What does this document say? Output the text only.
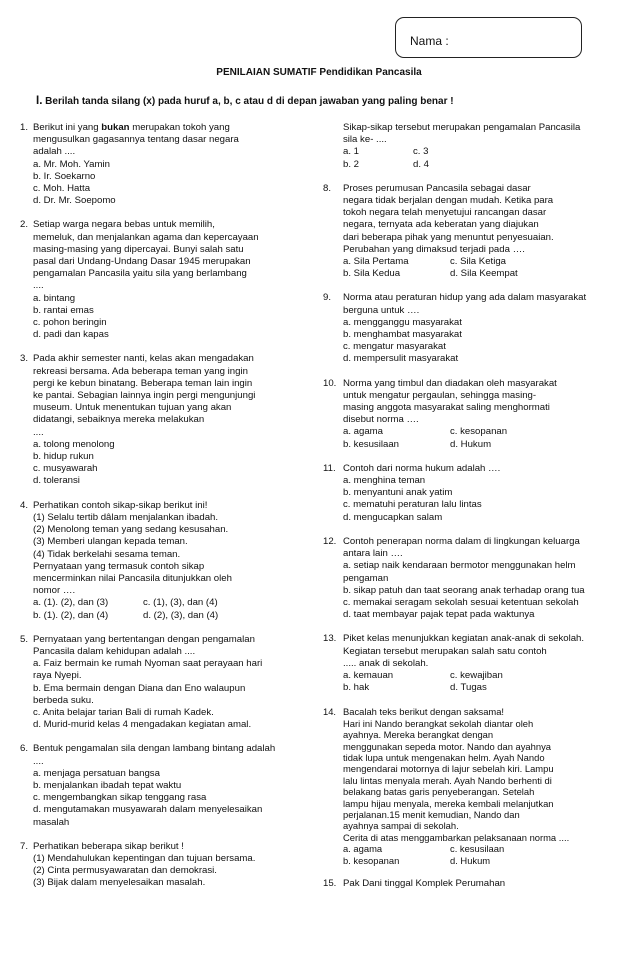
Nama :
PENILAIAN SUMATIF Pendidikan Pancasila
I. Berilah tanda silang (x) pada huruf a, b, c atau d di depan jawaban yang paling benar !
1. Berikut ini yang bukan merupakan tokoh yang
mengusulkan gagasannya tentang dasar negara
adalah ....
a. Mr. Moh. Yamin
b. Ir. Soekarno
c. Moh. Hatta
d. Dr. Mr. Soepomo
2. Setiap warga negara bebas untuk memilih,
memeluk, dan menjalankan agama dan kepercayaan
masing-masing yang dipercayai. Bunyi salah satu
pasal dari Undang-Undang Dasar 1945 merupakan
pengamalan Pancasila yaitu sila yang berlambang
....
a. bintang
b. rantai emas
c. pohon beringin
d. padi dan kapas
3. Pada akhir semester nanti, kelas akan mengadakan
rekreasi bersama. Ada beberapa teman yang ingin
pergi ke kebun binatang. Beberapa teman lain ingin
ke pantai. Sebagian lainnya ingin pergi mengunjungi
museum. Untuk menentukan tujuan yang akan
didatangi, sebaiknya mereka melakukan
....
a. tolong menolong
b. hidup rukun
c. musyawarah
d. toleransi
4. Perhatikan contoh sikap-sikap berikut ini!
(1) Selalu tertib dâlam menjalankan ibadah.
(2) Menolong teman yang sedang kesusahan.
(3) Memberi ulangan kepada teman.
(4) Tidak berkelahi sesama teman.
Pernyataan yang termasuk contoh sikap
mencerminkan nilai Pancasila ditunjukkan oleh
nomor ….
a. (1). (2), dan (3)	c. (1), (3), dan (4)
b. (1). (2), dan (4)	d. (2), (3), dan (4)
5. Pernyataan yang bertentangan dengan pengamalan
Pancasila dalam kehidupan adalah ....
a. Faiz bermain ke rumah Nyoman saat perayaan hari
raya Nyepi.
b. Ema bermain dengan Diana dan Eno walaupun
berbeda suku.
c. Anita belajar tarian Bali di rumah Kadek.
d. Murid-murid kelas 4 mengadakan kegiatan amal.
6. Bentuk pengamalan sila dengan lambang bintang adalah
....
a. menjaga persatuan bangsa
b. menjalankan ibadah tepat waktu
c. mengembangkan sikap tenggang rasa
d. mengutamakan musyawarah dalam menyelesaikan
masalah
7. Perhatikan beberapa sikap berikut !
(1) Mendahulukan kepentingan dan tujuan bersama.
(2) Cinta permusyawaratan dan demokrasi.
(3) Bijak dalam menyelesaikan masalah.
Sikap-sikap tersebut merupakan pengamalan Pancasila
sila ke- ....
a. 1	c. 3
b. 2	d. 4
8.	Proses perumusan Pancasila sebagai dasar
negara tidak berjalan dengan mudah. Ketika para
tokoh negara telah menyetujui rancangan dasar
negara, ternyata ada keberatan yang diajukan
dari beberapa pihak yang menuntut penyesuaian.
Perubahan yang dimaksud terjadi pada ….
a. Sila Pertama	c. Sila Ketiga
b. Sila Kedua	d. Sila Keempat
9.	Norma atau peraturan hidup yang ada dalam masyarakat
berguna untuk ….
a. mengganggu masyarakat
b. menghambat masyarakat
c. mengatur masyarakat
d. mempersulit masyarakat
10. Norma yang timbul dan diadakan oleh masyarakat
untuk mengatur pergaulan, sehingga masing-
masing anggota masyarakat saling menghormati
disebut norma ….
a. agama	c. kesopanan
b. kesusilaan	d. Hukum
11. Contoh dari norma hukum adalah ….
a. menghina teman
b. menyantuni anak yatim
c. mematuhi peraturan lalu lintas
d. mengucapkan salam
12. Contoh penerapan norma dalam di lingkungan keluarga
antara lain ….
a. setiap naik kendaraan bermotor menggunakan helm
pengaman
b. sikap patuh dan taat seorang anak terhadap orang tua
c. memakai seragam sekolah sesuai ketentuan sekolah
d. taat membayar pajak tepat pada waktunya
13. Piket kelas menunjukkan kegiatan anak-anak di sekolah.
Kegiatan tersebut merupakan salah satu contoh
..... anak di sekolah.
a. kemauan	c. kewajiban
b. hak	d. Tugas
14. Bacalah teks berikut dengan saksama!
Hari ini Nando berangkat sekolah diantar oleh
ayahnya. Mereka berangkat dengan
menggunakan sepeda motor. Nando dan ayahnya
tidak lupa untuk mengenakan helm. Ayah Nando
mengendarai motornya di lajur sebelah kiri. Lampu
lalu lintas menyala merah. Ayah Nando berhenti di
belakang batas garis penyeberangan. Setelah
lampu hijau menyala, mereka kembali melanjutkan
perjalanan.15 menit kemudian, Nando dan
ayahnya sampai di sekolah.
Cerita di atas menggambarkan pelaksanaan norma ....
a. agama	c. kesusilaan
b. kesopanan	d. Hukum
15. Pak Dani tinggal Komplek Perumahan
